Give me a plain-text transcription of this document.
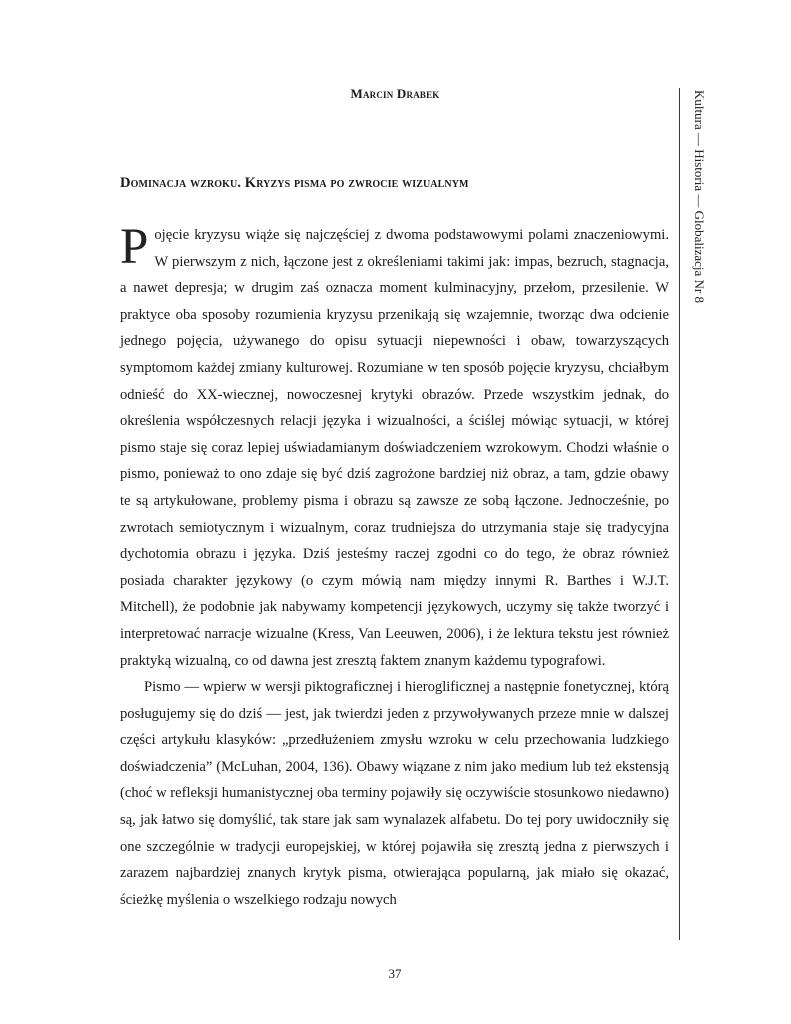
Marcin Drabek
Dominacja wzroku. Kryzys pisma po zwrocie wizualnym

Pojęcie kryzysu wiąże się najczęściej z dwoma podstawowymi polami znaczeniowymi. W pierwszym z nich, łączone jest z określeniami takimi jak: impas, bezruch, stagnacja, a nawet depresja; w drugim zaś oznacza moment kulminacyjny, przełom, przesilenie. W praktyce oba sposoby rozumienia kryzysu przenikają się wzajemnie, tworząc dwa odcienie jednego pojęcia, używanego do opisu sytuacji niepewności i obaw, towarzyszących symptomom każdej zmiany kulturowej. Rozumiane w ten sposób pojęcie kryzysu, chciałbym odnieść do XX-wiecznej, nowoczesnej krytyki obrazów. Przede wszystkim jednak, do określenia współczesnych relacji języka i wizualności, a ściślej mówiąc sytuacji, w której pismo staje się coraz lepiej uświadamianym doświadczeniem wzrokowym. Chodzi właśnie o pismo, ponieważ to ono zdaje się być dziś zagrożone bardziej niż obraz, a tam, gdzie obawy te są artykułowane, problemy pisma i obrazu są zawsze ze sobą łączone. Jednocześnie, po zwrotach semiotycznym i wizualnym, coraz trudniejsza do utrzymania staje się tradycyjna dychotomia obrazu i języka. Dziś jesteśmy raczej zgodni co do tego, że obraz również posiada charakter językowy (o czym mówią nam między innymi R. Barthes i W.J.T. Mitchell), że podobnie jak nabywamy kompetencji językowych, uczymy się także tworzyć i interpretować narracje wizualne (Kress, Van Leeuwen, 2006), i że lektura tekstu jest również praktyką wizualną, co od dawna jest zresztą faktem znanym każdemu typografowi.

Pismo — wpierw w wersji piktograficznej i hieroglificznej a następnie fonetycznej, którą posługujemy się do dziś — jest, jak twierdzi jeden z przywoływanych przeze mnie w dalszej części artykułu klasyków: „przedłużeniem zmysłu wzroku w celu przechowania ludzkiego doświadczenia” (McLuhan, 2004, 136). Obawy wiązane z nim jako medium lub też ekstensją (choć w refleksji humanistycznej oba terminy pojawiły się oczywiście stosunkowo niedawno) są, jak łatwo się domyślić, tak stare jak sam wynalazek alfabetu. Do tej pory uwidoczniły się one szczególnie w tradycji europejskiej, w której pojawiła się zresztą jedna z pierwszych i zarazem najbardziej znanych krytyk pisma, otwierająca popularną, jak miało się okazać, ścieżkę myślenia o wszelkiego rodzaju nowych

Kultura — Historia — Globalizacja Nr 8
37
